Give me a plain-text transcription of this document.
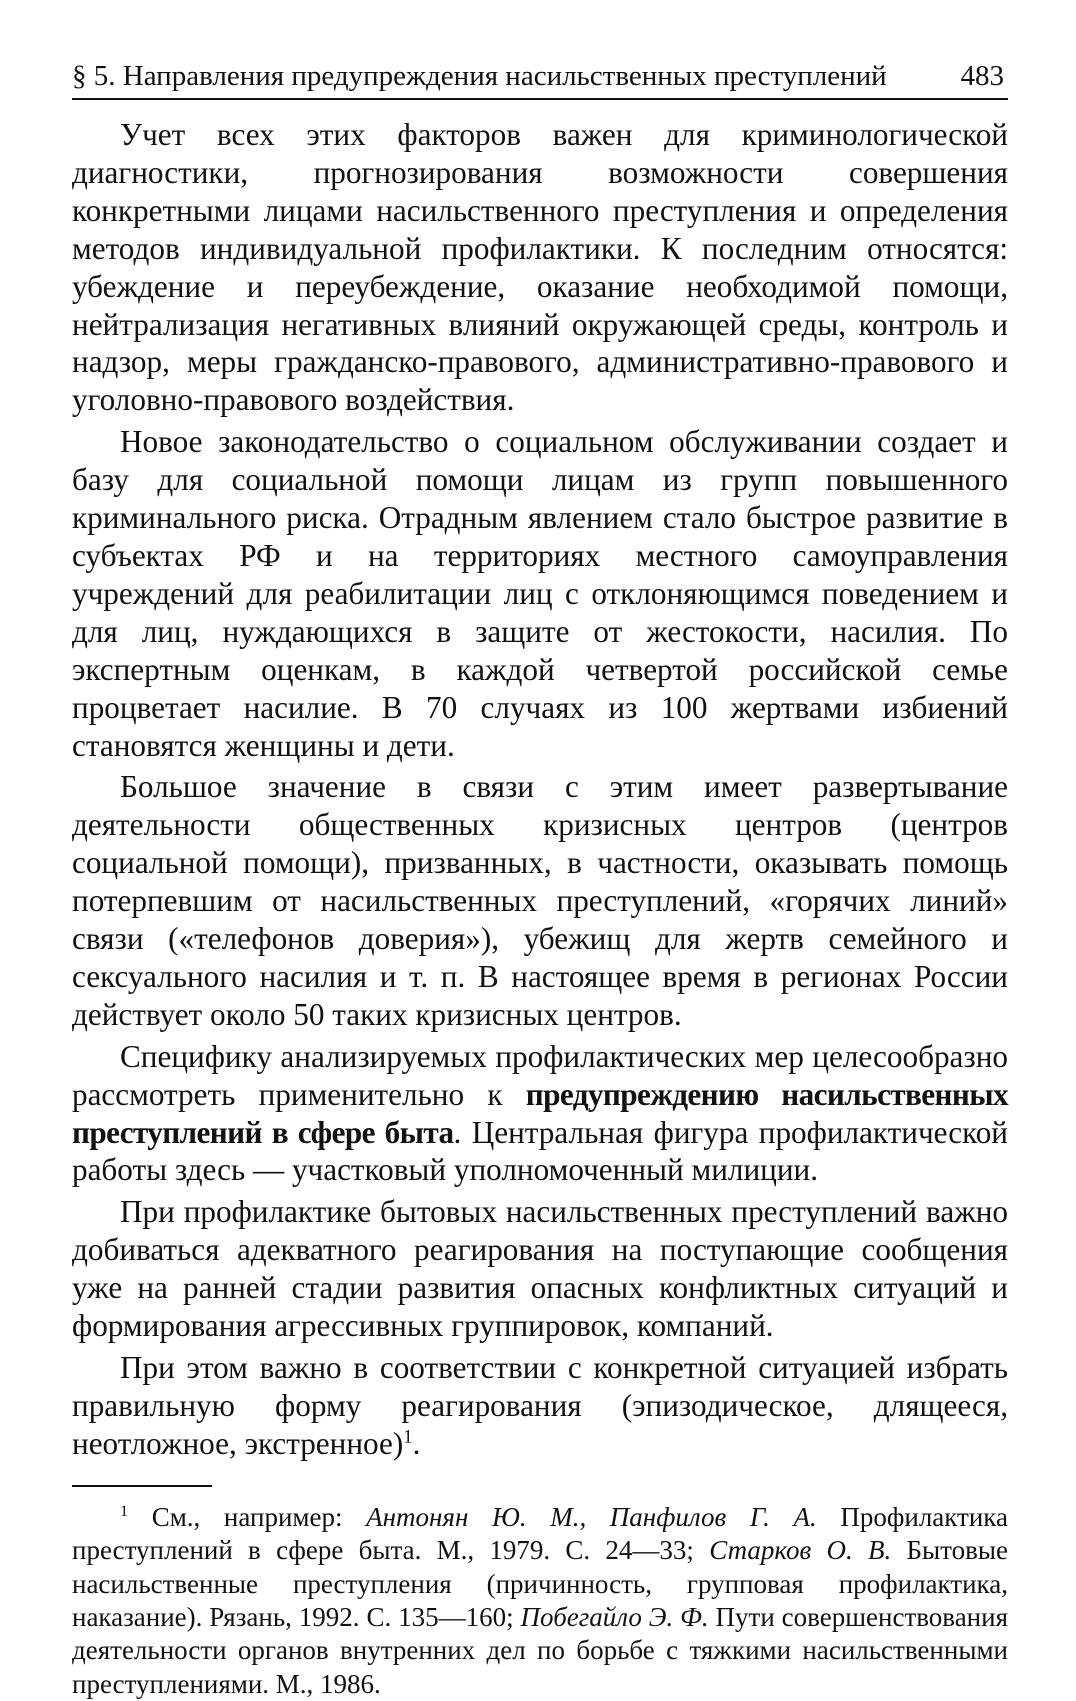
§ 5. Направления предупреждения насильственных преступлений	483

Учет всех этих факторов важен для криминологической диагностики, прогнозирования возможности совершения конкретными лицами насильственного преступления и определения методов индивидуальной профилактики. К последним относятся: убеждение и переубеждение, оказание необходимой помощи, нейтрализация негативных влияний окружающей среды, контроль и надзор, меры гражданско-правового, административно-правового и уголовно-правового воздействия.

Новое законодательство о социальном обслуживании создает и базу для социальной помощи лицам из групп повышенного криминального риска. Отрадным явлением стало быстрое развитие в субъектах РФ и на территориях местного самоуправления учреждений для реабилитации лиц с отклоняющимся поведением и для лиц, нуждающихся в защите от жестокости, насилия. По экспертным оценкам, в каждой четвертой российской семье процветает насилие. В 70 случаях из 100 жертвами избиений становятся женщины и дети.

Большое значение в связи с этим имеет развертывание деятельности общественных кризисных центров (центров социальной помощи), призванных, в частности, оказывать помощь потерпевшим от насильственных преступлений, «горячих линий» связи («телефонов доверия»), убежищ для жертв семейного и сексуального насилия и т. п. В настоящее время в регионах России действует около 50 таких кризисных центров.

Специфику анализируемых профилактических мер целесообразно рассмотреть применительно к предупреждению насильственных преступлений в сфере быта. Центральная фигура профилактической работы здесь — участковый уполномоченный милиции.

При профилактике бытовых насильственных преступлений важно добиваться адекватного реагирования на поступающие сообщения уже на ранней стадии развития опасных конфликтных ситуаций и формирования агрессивных группировок, компаний.

При этом важно в соответствии с конкретной ситуацией избрать правильную форму реагирования (эпизодическое, длящееся, неотложное, экстренное)$^1$.

$^1$ См., например: Антонян Ю. М., Панфилов Г. А. Профилактика преступлений в сфере быта. М., 1979. С. 24—33; Старков О. В. Бытовые насильственные преступления (причинность, групповая профилактика, наказание). Рязань, 1992. С. 135—160; Побегайло Э. Ф. Пути совершенствования деятельности органов внутренних дел по борьбе с тяжкими насильственными преступлениями. М., 1986.
